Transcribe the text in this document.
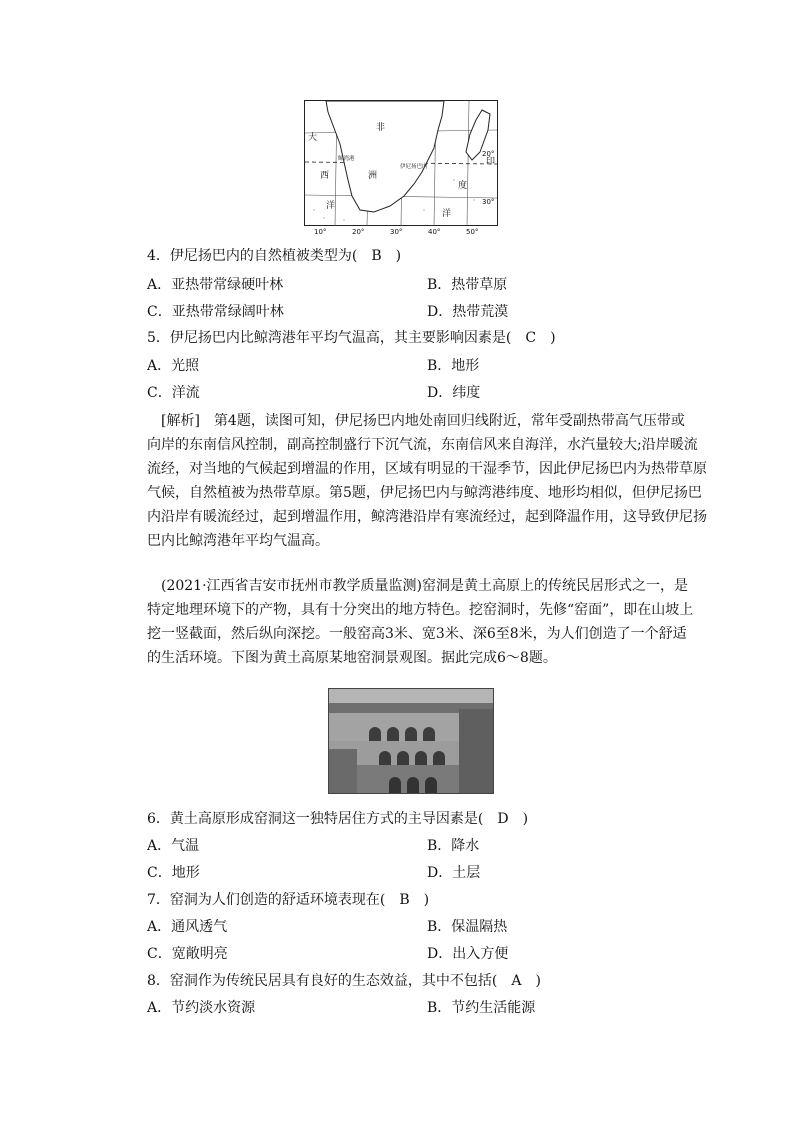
非
洲
大
西
洋
印
度
洋
鲸湾港
伊尼扬巴内
20°
30°
10°	20°	30°	40°	50°
4．伊尼扬巴内的自然植被类型为(　B　)
A．亚热带常绿硬叶林	B．热带草原
C．亚热带常绿阔叶林	D．热带荒漠
5．伊尼扬巴内比鲸湾港年平均气温高，其主要影响因素是(　C　)
A．光照	B．地形
C．洋流	D．纬度
[解析]　第4题，读图可知，伊尼扬巴内地处南回归线附近，常年受副热带高气压带或
向岸的东南信风控制，副高控制盛行下沉气流，东南信风来自海洋，水汽量较大;沿岸暖流
流经，对当地的气候起到增温的作用，区域有明显的干湿季节，因此伊尼扬巴内为热带草原
气候，自然植被为热带草原。第5题，伊尼扬巴内与鲸湾港纬度、地形均相似，但伊尼扬巴
内沿岸有暖流经过，起到增温作用，鲸湾港沿岸有寒流经过，起到降温作用，这导致伊尼扬
巴内比鲸湾港年平均气温高。
(2021·江西省吉安市抚州市教学质量监测)窑洞是黄土高原上的传统民居形式之一，是
特定地理环境下的产物，具有十分突出的地方特色。挖窑洞时，先修“窑面”，即在山坡上
挖一竖截面，然后纵向深挖。一般窑高3米、宽3米、深6至8米，为人们创造了一个舒适
的生活环境。下图为黄土高原某地窑洞景观图。据此完成6～8题。
6．黄土高原形成窑洞这一独特居住方式的主导因素是(　D　)
A．气温	B．降水
C．地形	D．土层
7．窑洞为人们创造的舒适环境表现在(　B　)
A．通风透气	B．保温隔热
C．宽敞明亮	D．出入方便
8．窑洞作为传统民居具有良好的生态效益，其中不包括(　A　)
A．节约淡水资源	B．节约生活能源
